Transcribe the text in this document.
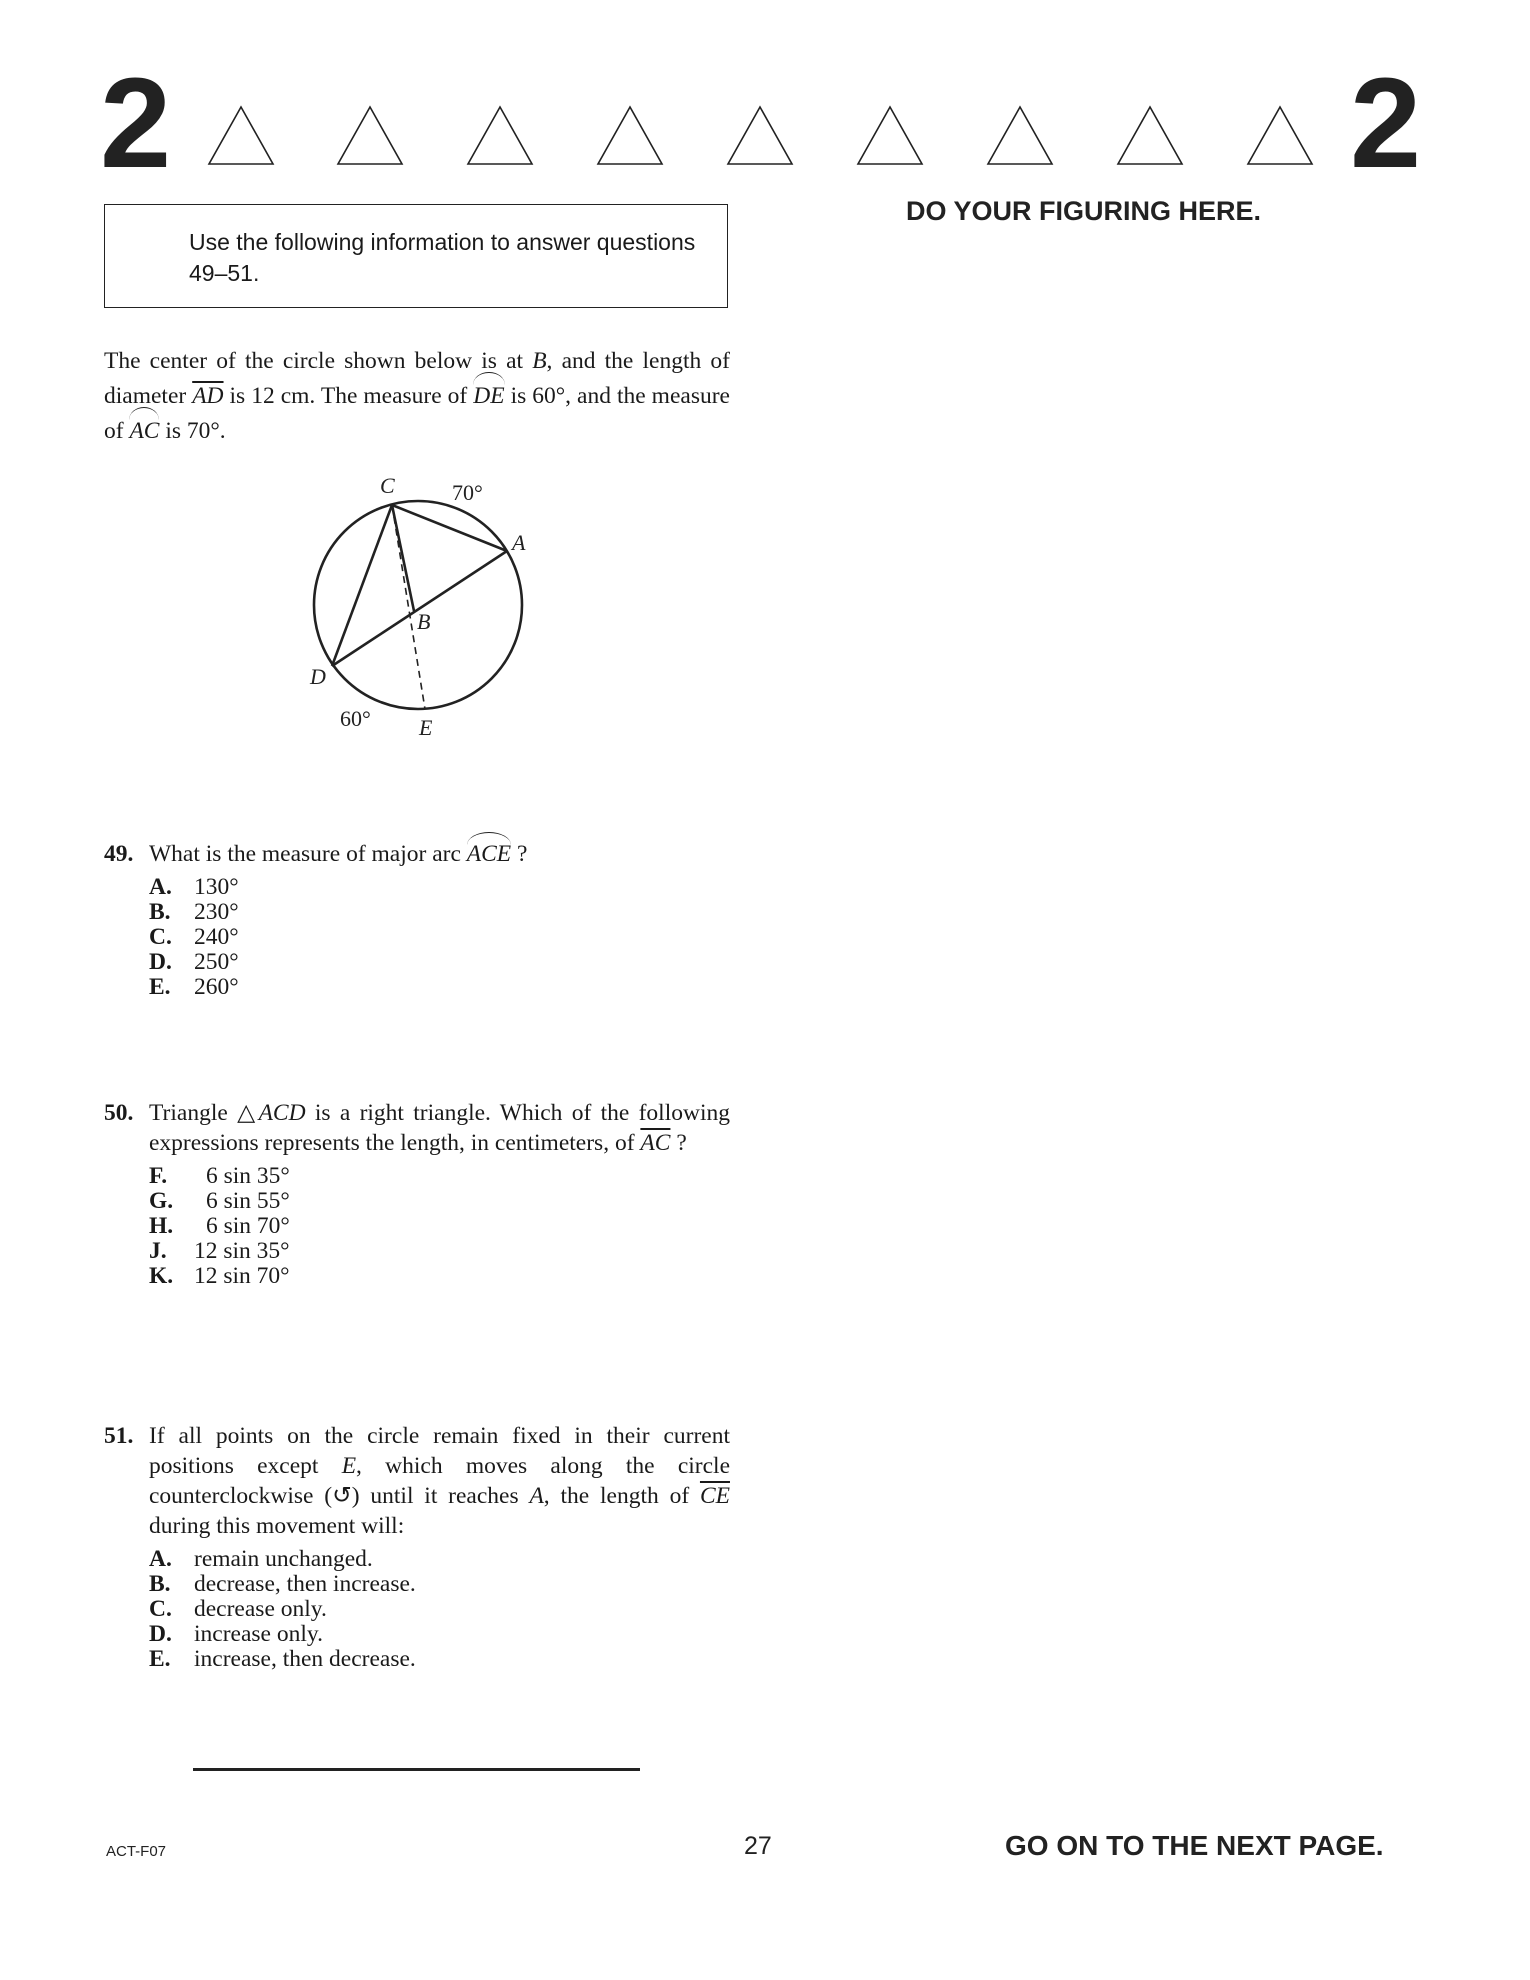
2	2
Use the following information to answer questions 49–51.
DO YOUR FIGURING HERE.
The center of the circle shown below is at B, and the length of diameter $\overline{AD}$ is 12 cm. The measure of DE is 60°, and the measure of AC is 70°.
C	70°
A
B
D
60° E
49. What is the measure of major arc ACE ?
A. 130°
B. 230°
C. 240°
D. 250°
E. 260°
50. Triangle △ACD is a right triangle. Which of the following expressions represents the length, in centimeters, of $\overline{AC}$ ?
F. 6 sin 35°
G. 6 sin 55°
H. 6 sin 70°
J. 12 sin 35°
K. 12 sin 70°
51. If all points on the circle remain fixed in their current positions except E, which moves along the circle counterclockwise (↺) until it reaches A, the length of $\overline{CE}$ during this movement will:
A. remain unchanged.
B. decrease, then increase.
C. decrease only.
D. increase only.
E. increase, then decrease.
ACT-F07	27	GO ON TO THE NEXT PAGE.
